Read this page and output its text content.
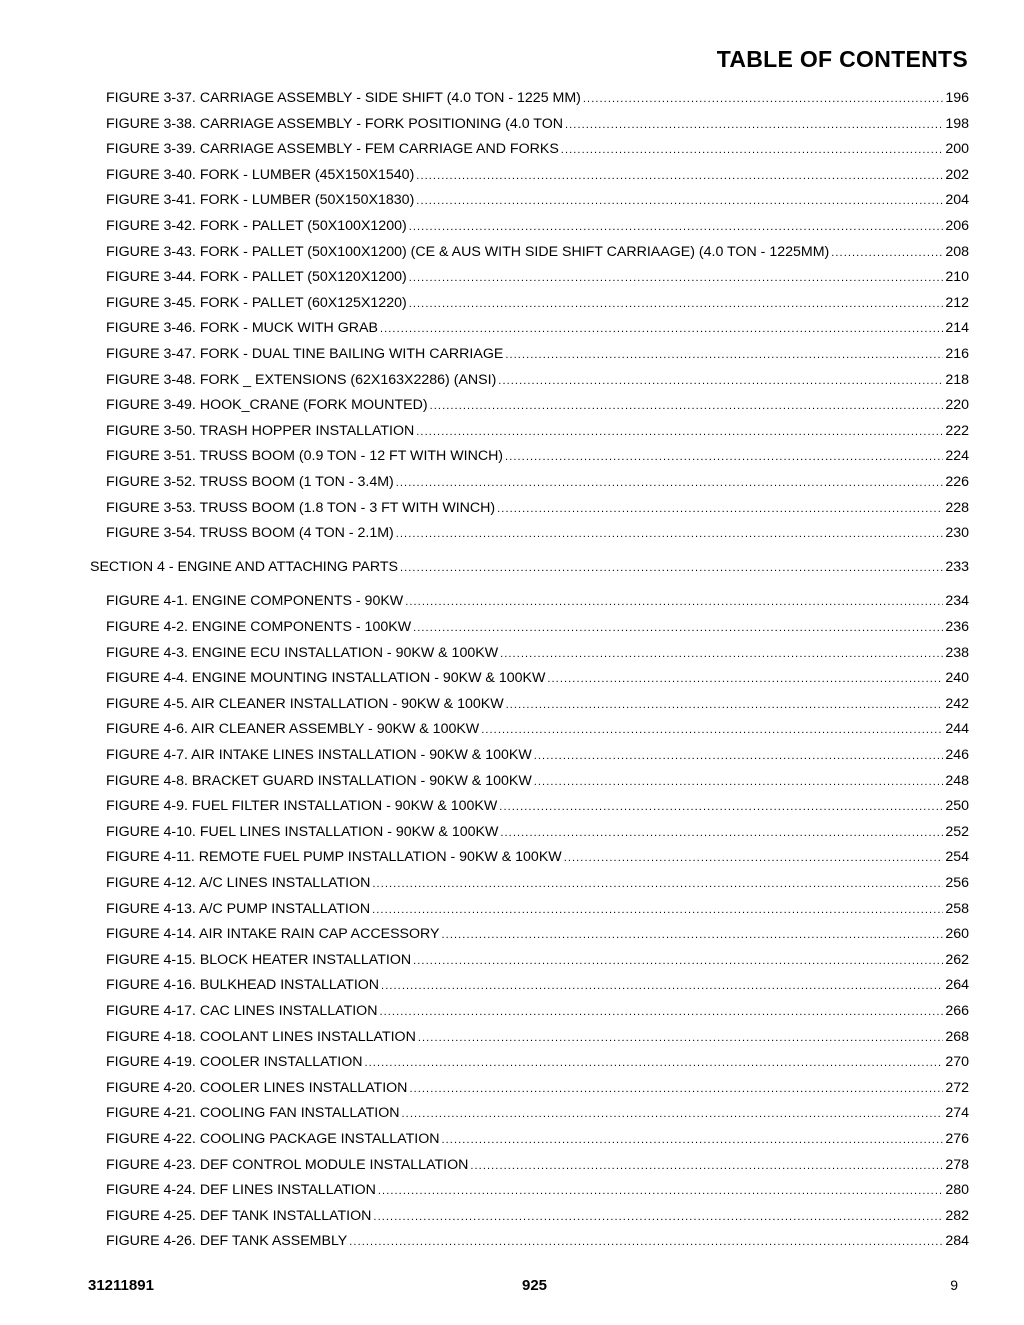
TABLE OF CONTENTS
FIGURE 3-37. CARRIAGE ASSEMBLY - SIDE SHIFT (4.0 TON - 1225 MM) .....	196
FIGURE 3-38. CARRIAGE ASSEMBLY - FORK POSITIONING (4.0 TON .....	198
FIGURE 3-39. CARRIAGE ASSEMBLY - FEM CARRIAGE AND FORKS .....	200
FIGURE 3-40. FORK - LUMBER (45X150X1540) .....	202
FIGURE 3-41. FORK - LUMBER (50X150X1830) .....	204
FIGURE 3-42. FORK - PALLET (50X100X1200) .....	206
FIGURE 3-43. FORK - PALLET (50X100X1200) (CE & AUS WITH SIDE SHIFT CARRIAAGE) (4.0 TON - 1225MM) .....	208
FIGURE 3-44. FORK - PALLET (50X120X1200) .....	210
FIGURE 3-45. FORK - PALLET (60X125X1220) .....	212
FIGURE 3-46. FORK - MUCK WITH GRAB .....	214
FIGURE 3-47. FORK - DUAL TINE BAILING WITH CARRIAGE .....	216
FIGURE 3-48. FORK _ EXTENSIONS (62X163X2286) (ANSI) .....	218
FIGURE 3-49. HOOK_CRANE (FORK MOUNTED) .....	220
FIGURE 3-50. TRASH HOPPER INSTALLATION .....	222
FIGURE 3-51. TRUSS BOOM (0.9 TON - 12 FT WITH WINCH) .....	224
FIGURE 3-52. TRUSS BOOM (1 TON - 3.4M) .....	226
FIGURE 3-53. TRUSS BOOM (1.8 TON - 3 FT WITH WINCH) .....	228
FIGURE 3-54. TRUSS BOOM (4 TON - 2.1M) .....	230
SECTION 4 - ENGINE AND ATTACHING PARTS .....	233
FIGURE 4-1. ENGINE COMPONENTS - 90KW .....	234
FIGURE 4-2. ENGINE COMPONENTS - 100KW .....	236
FIGURE 4-3. ENGINE ECU INSTALLATION - 90KW & 100KW .....	238
FIGURE 4-4. ENGINE MOUNTING INSTALLATION - 90KW & 100KW .....	240
FIGURE 4-5. AIR CLEANER INSTALLATION - 90KW & 100KW .....	242
FIGURE 4-6. AIR CLEANER ASSEMBLY - 90KW & 100KW .....	244
FIGURE 4-7. AIR INTAKE LINES INSTALLATION - 90KW & 100KW .....	246
FIGURE 4-8. BRACKET GUARD INSTALLATION - 90KW & 100KW .....	248
FIGURE 4-9. FUEL FILTER INSTALLATION - 90KW & 100KW .....	250
FIGURE 4-10. FUEL LINES INSTALLATION - 90KW & 100KW .....	252
FIGURE 4-11. REMOTE FUEL PUMP INSTALLATION - 90KW & 100KW .....	254
FIGURE 4-12. A/C LINES INSTALLATION .....	256
FIGURE 4-13. A/C PUMP INSTALLATION .....	258
FIGURE 4-14. AIR INTAKE RAIN CAP ACCESSORY .....	260
FIGURE 4-15. BLOCK HEATER INSTALLATION .....	262
FIGURE 4-16. BULKHEAD INSTALLATION .....	264
FIGURE 4-17. CAC LINES INSTALLATION .....	266
FIGURE 4-18. COOLANT LINES INSTALLATION .....	268
FIGURE 4-19. COOLER INSTALLATION .....	270
FIGURE 4-20. COOLER LINES INSTALLATION .....	272
FIGURE 4-21. COOLING FAN INSTALLATION .....	274
FIGURE 4-22. COOLING PACKAGE INSTALLATION .....	276
FIGURE 4-23. DEF CONTROL MODULE INSTALLATION .....	278
FIGURE 4-24. DEF LINES INSTALLATION .....	280
FIGURE 4-25. DEF TANK INSTALLATION .....	282
FIGURE 4-26. DEF TANK ASSEMBLY .....	284
31211891	925	9
